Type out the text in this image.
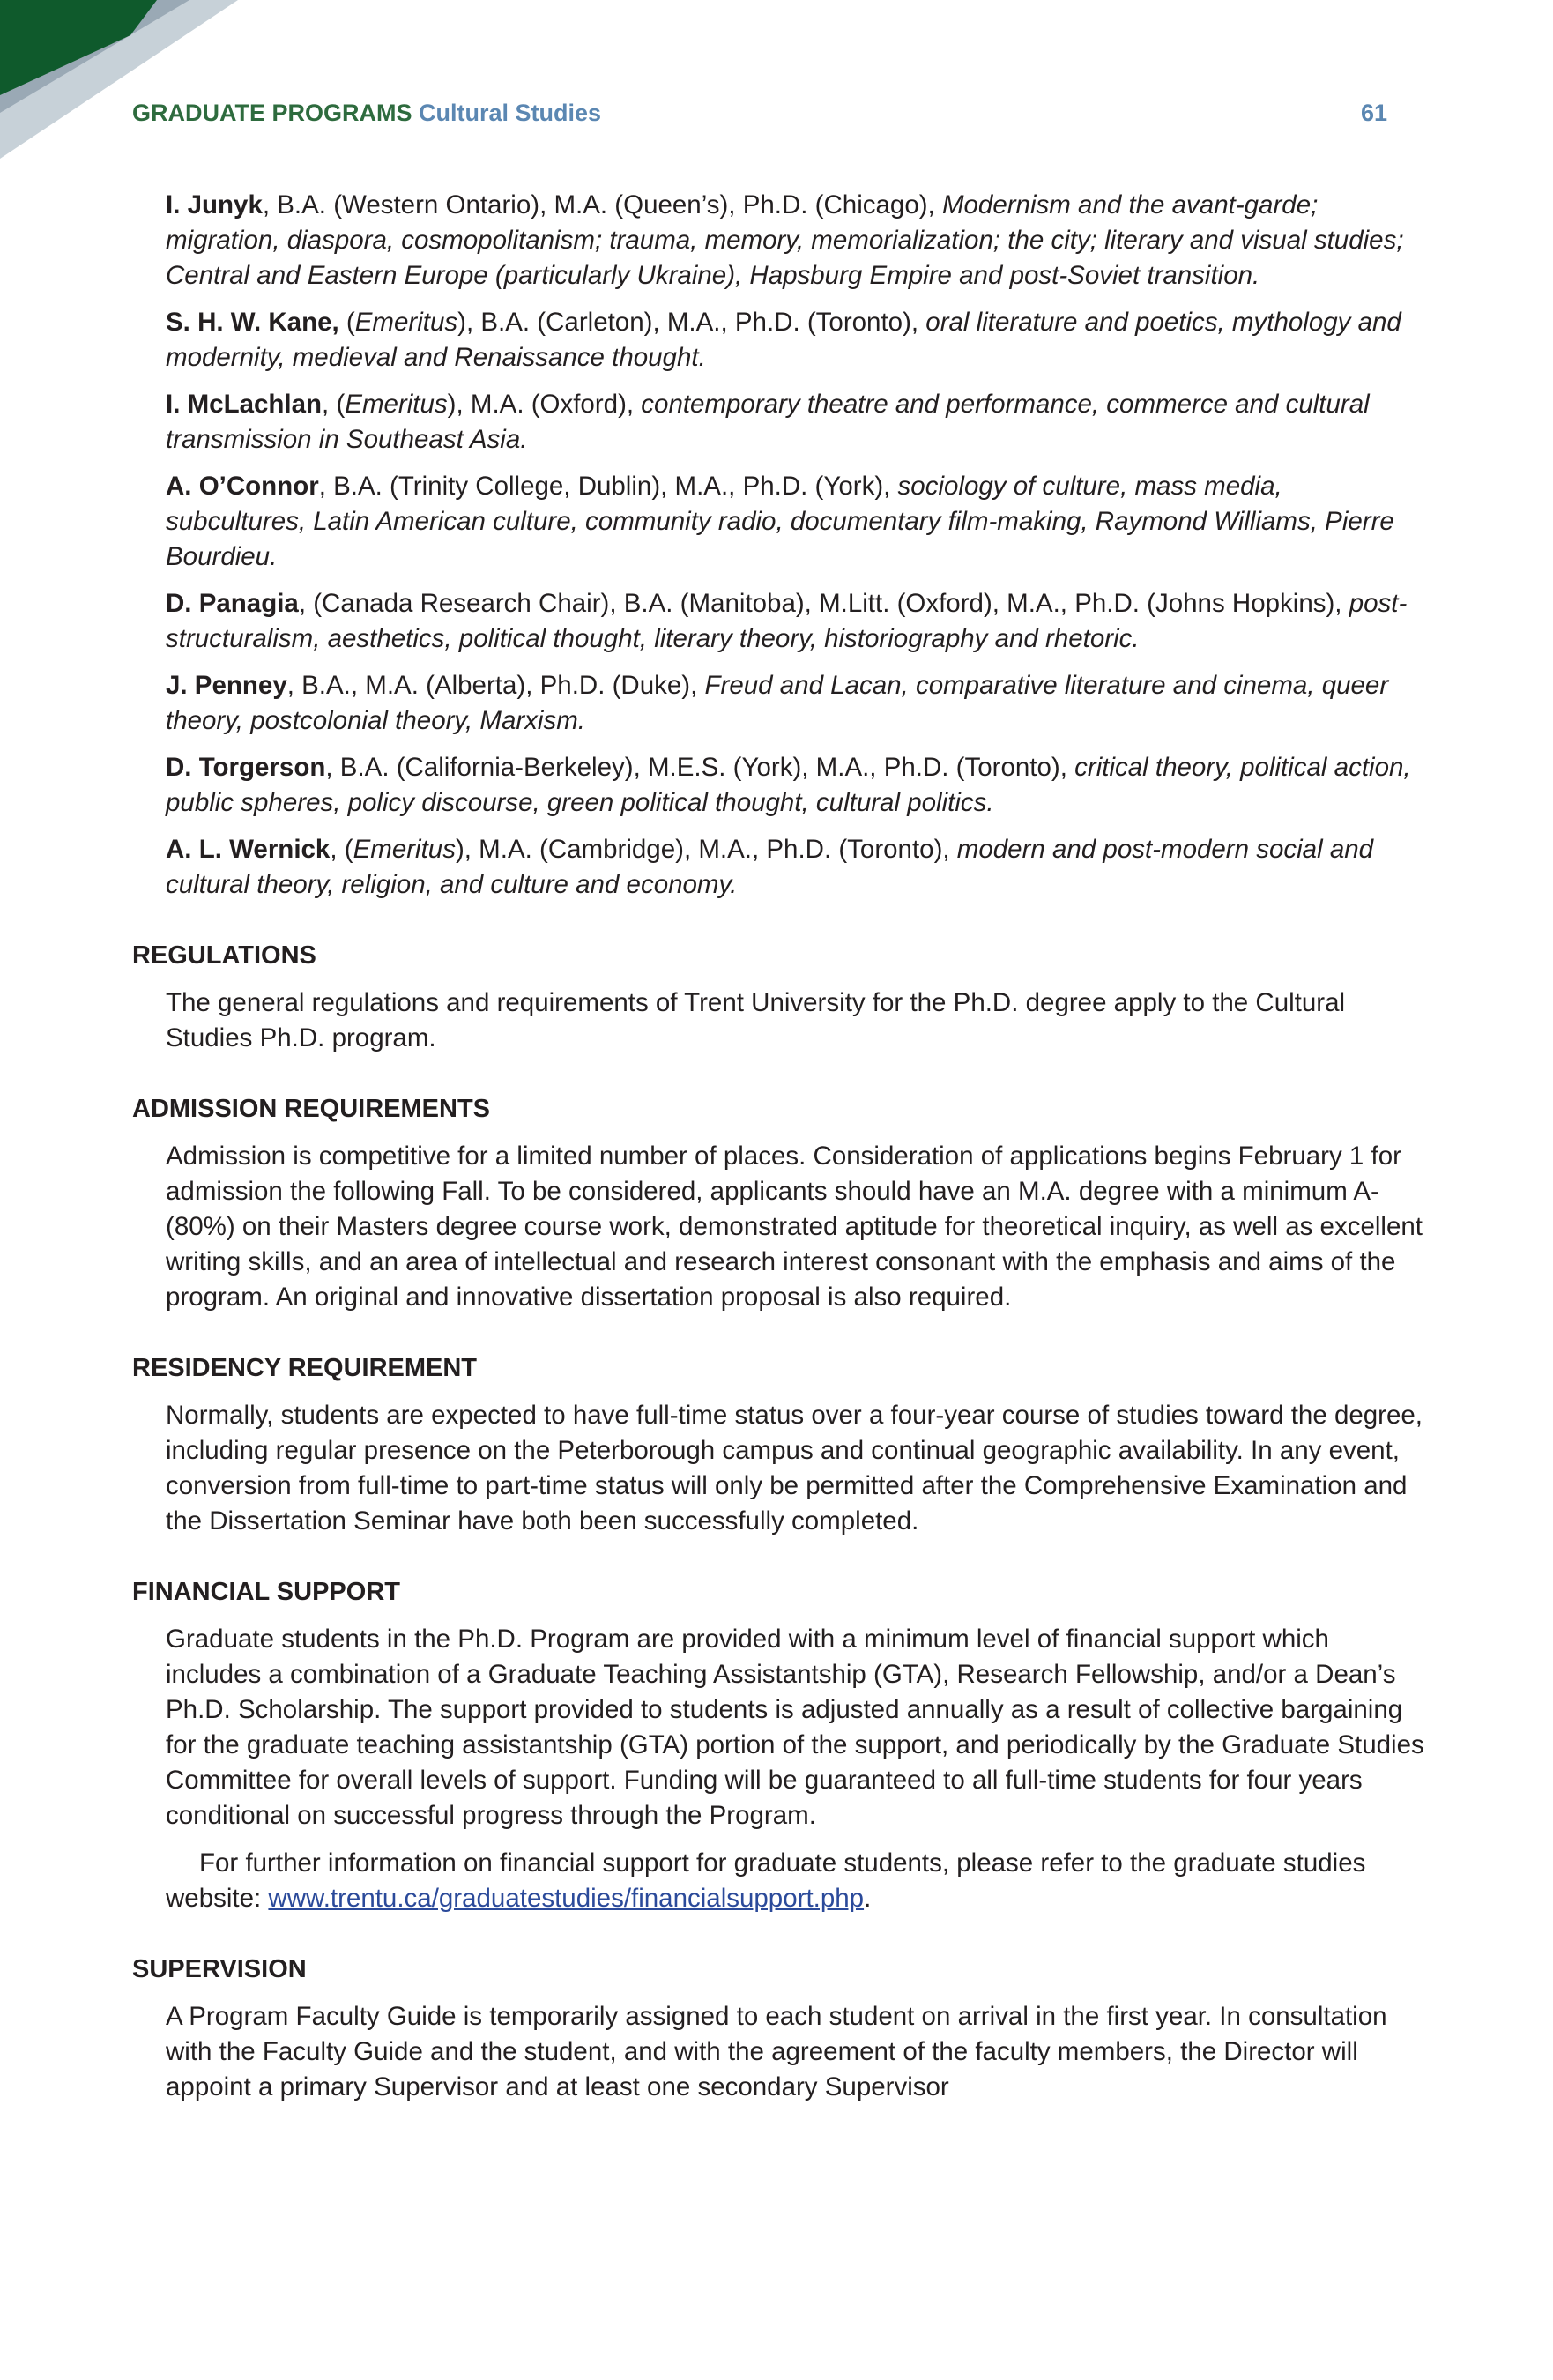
GRADUATE PROGRAMS Cultural Studies	61
I. Junyk, B.A. (Western Ontario), M.A. (Queen’s), Ph.D. (Chicago), Modernism and the avant-garde; migration, diaspora, cosmopolitanism; trauma, memory, memorialization; the city; literary and visual studies; Central and Eastern Europe (particularly Ukraine), Hapsburg Empire and post-Soviet transition.
S. H. W. Kane, (Emeritus), B.A. (Carleton), M.A., Ph.D. (Toronto), oral literature and poetics, mythology and modernity, medieval and Renaissance thought.
I. McLachlan, (Emeritus), M.A. (Oxford), contemporary theatre and performance, commerce and cultural transmission in Southeast Asia.
A. O’Connor, B.A. (Trinity College, Dublin), M.A., Ph.D. (York), sociology of culture, mass media, subcultures, Latin American culture, community radio, documentary film-making, Raymond Williams, Pierre Bourdieu.
D. Panagia, (Canada Research Chair), B.A. (Manitoba), M.Litt. (Oxford), M.A., Ph.D. (Johns Hopkins), post-structuralism, aesthetics, political thought, literary theory, historiography and rhetoric.
J. Penney, B.A., M.A. (Alberta), Ph.D. (Duke), Freud and Lacan, comparative literature and cinema, queer theory, postcolonial theory, Marxism.
D. Torgerson, B.A. (California-Berkeley), M.E.S. (York), M.A., Ph.D. (Toronto), critical theory, political action, public spheres, policy discourse, green political thought, cultural politics.
A. L. Wernick, (Emeritus), M.A. (Cambridge), M.A., Ph.D. (Toronto), modern and post-modern social and cultural theory, religion, and culture and economy.
REGULATIONS

The general regulations and requirements of Trent University for the Ph.D. degree apply to the Cultural Studies Ph.D. program.

ADMISSION REQUIREMENTS

Admission is competitive for a limited number of places. Consideration of applications begins February 1 for admission the following Fall. To be considered, applicants should have an M.A. degree with a minimum A- (80%) on their Masters degree course work, demonstrated aptitude for theoretical inquiry, as well as excellent writing skills, and an area of intellectual and research interest consonant with the emphasis and aims of the program. An original and innovative dissertation proposal is also required.

RESIDENCY REQUIREMENT

Normally, students are expected to have full-time status over a four-year course of studies toward the degree, including regular presence on the Peterborough campus and continual geographic availability. In any event, conversion from full-time to part-time status will only be permitted after the Comprehensive Examination and the Dissertation Seminar have both been successfully completed.

FINANCIAL SUPPORT

Graduate students in the Ph.D. Program are provided with a minimum level of financial support which includes a combination of a Graduate Teaching Assistantship (GTA), Research Fellowship, and/or a Dean’s Ph.D. Scholarship. The support provided to students is adjusted annually as a result of collective bargaining for the graduate teaching assistantship (GTA) portion of the support, and periodically by the Graduate Studies Committee for overall levels of support. Funding will be guaranteed to all full-time students for four years conditional on successful progress through the Program.

For further information on financial support for graduate students, please refer to the graduate studies website: www.trentu.ca/graduatestudies/financialsupport.php.

SUPERVISION

A Program Faculty Guide is temporarily assigned to each student on arrival in the first year. In consultation with the Faculty Guide and the student, and with the agreement of the faculty members, the Director will appoint a primary Supervisor and at least one secondary Supervisor
